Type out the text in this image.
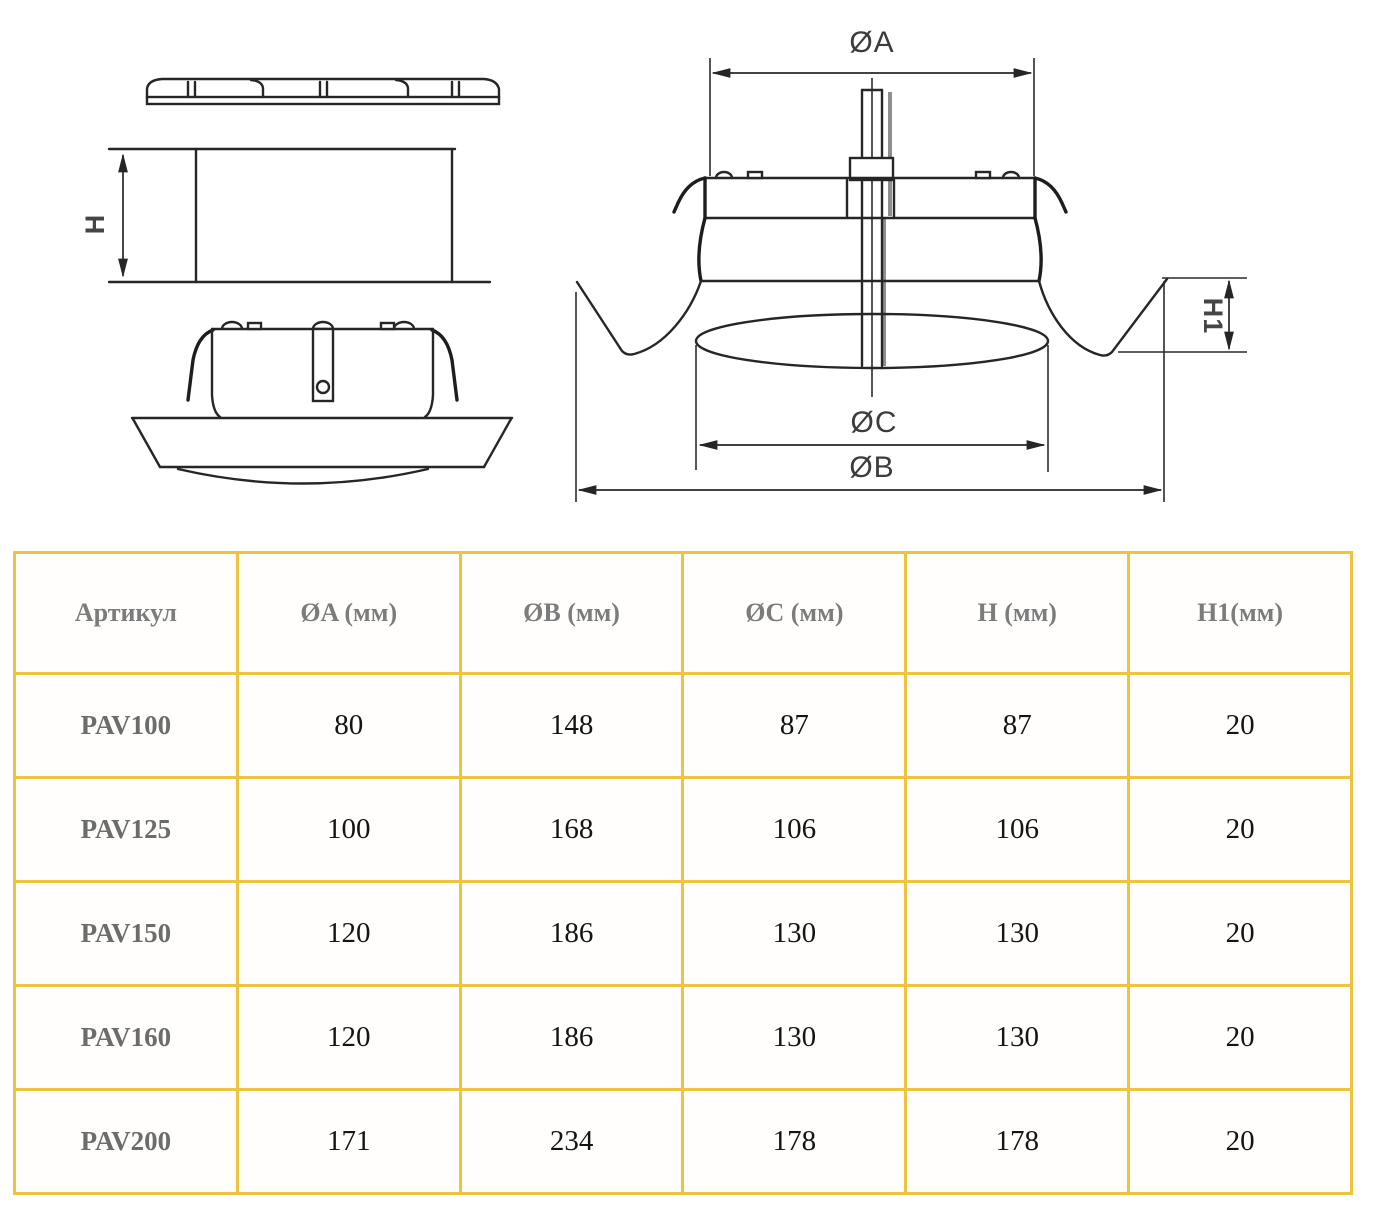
H
ØA
ØC
ØB
H1
Артикул	ØA (мм)	ØB (мм)	ØC (мм)	H (мм)	H1(мм)
PAV100	80	148	87	87	20
PAV125	100	168	106	106	20
PAV150	120	186	130	130	20
PAV160	120	186	130	130	20
PAV200	171	234	178	178	20
